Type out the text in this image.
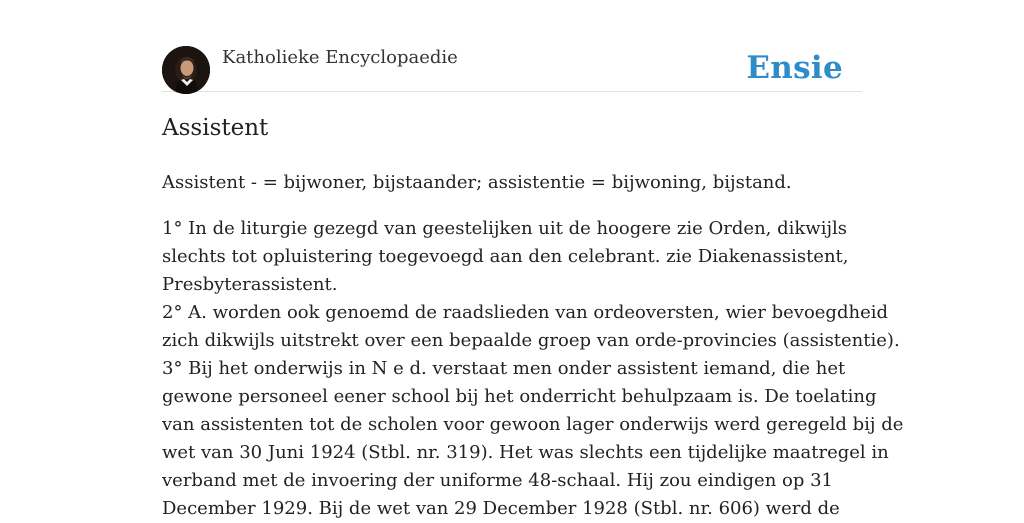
Katholieke Encyclopaedie	Ensie
Assistent

Assistent - = bijwoner, bijstaander; assistentie = bijwoning, bijstand.

1° In de liturgie gezegd van geestelijken uit de hoogere zie Orden, dikwijls
slechts tot opluistering toegevoegd aan den celebrant. zie Diakenassistent,
Presbyterassistent.
2° A. worden ook genoemd de raadslieden van ordeoversten, wier bevoegdheid
zich dikwijls uitstrekt over een bepaalde groep van orde-provincies (assistentie).
3° Bij het onderwijs in N e d. verstaat men onder assistent iemand, die het
gewone personeel eener school bij het onderricht behulpzaam is. De toelating
van assistenten tot de scholen voor gewoon lager onderwijs werd geregeld bij de
wet van 30 Juni 1924 (Stbl. nr. 319). Het was slechts een tijdelijke maatregel in
verband met de invoering der uniforme 48-schaal. Hij zou eindigen op 31
December 1929. Bij de wet van 29 December 1928 (Stbl. nr. 606) werd de
